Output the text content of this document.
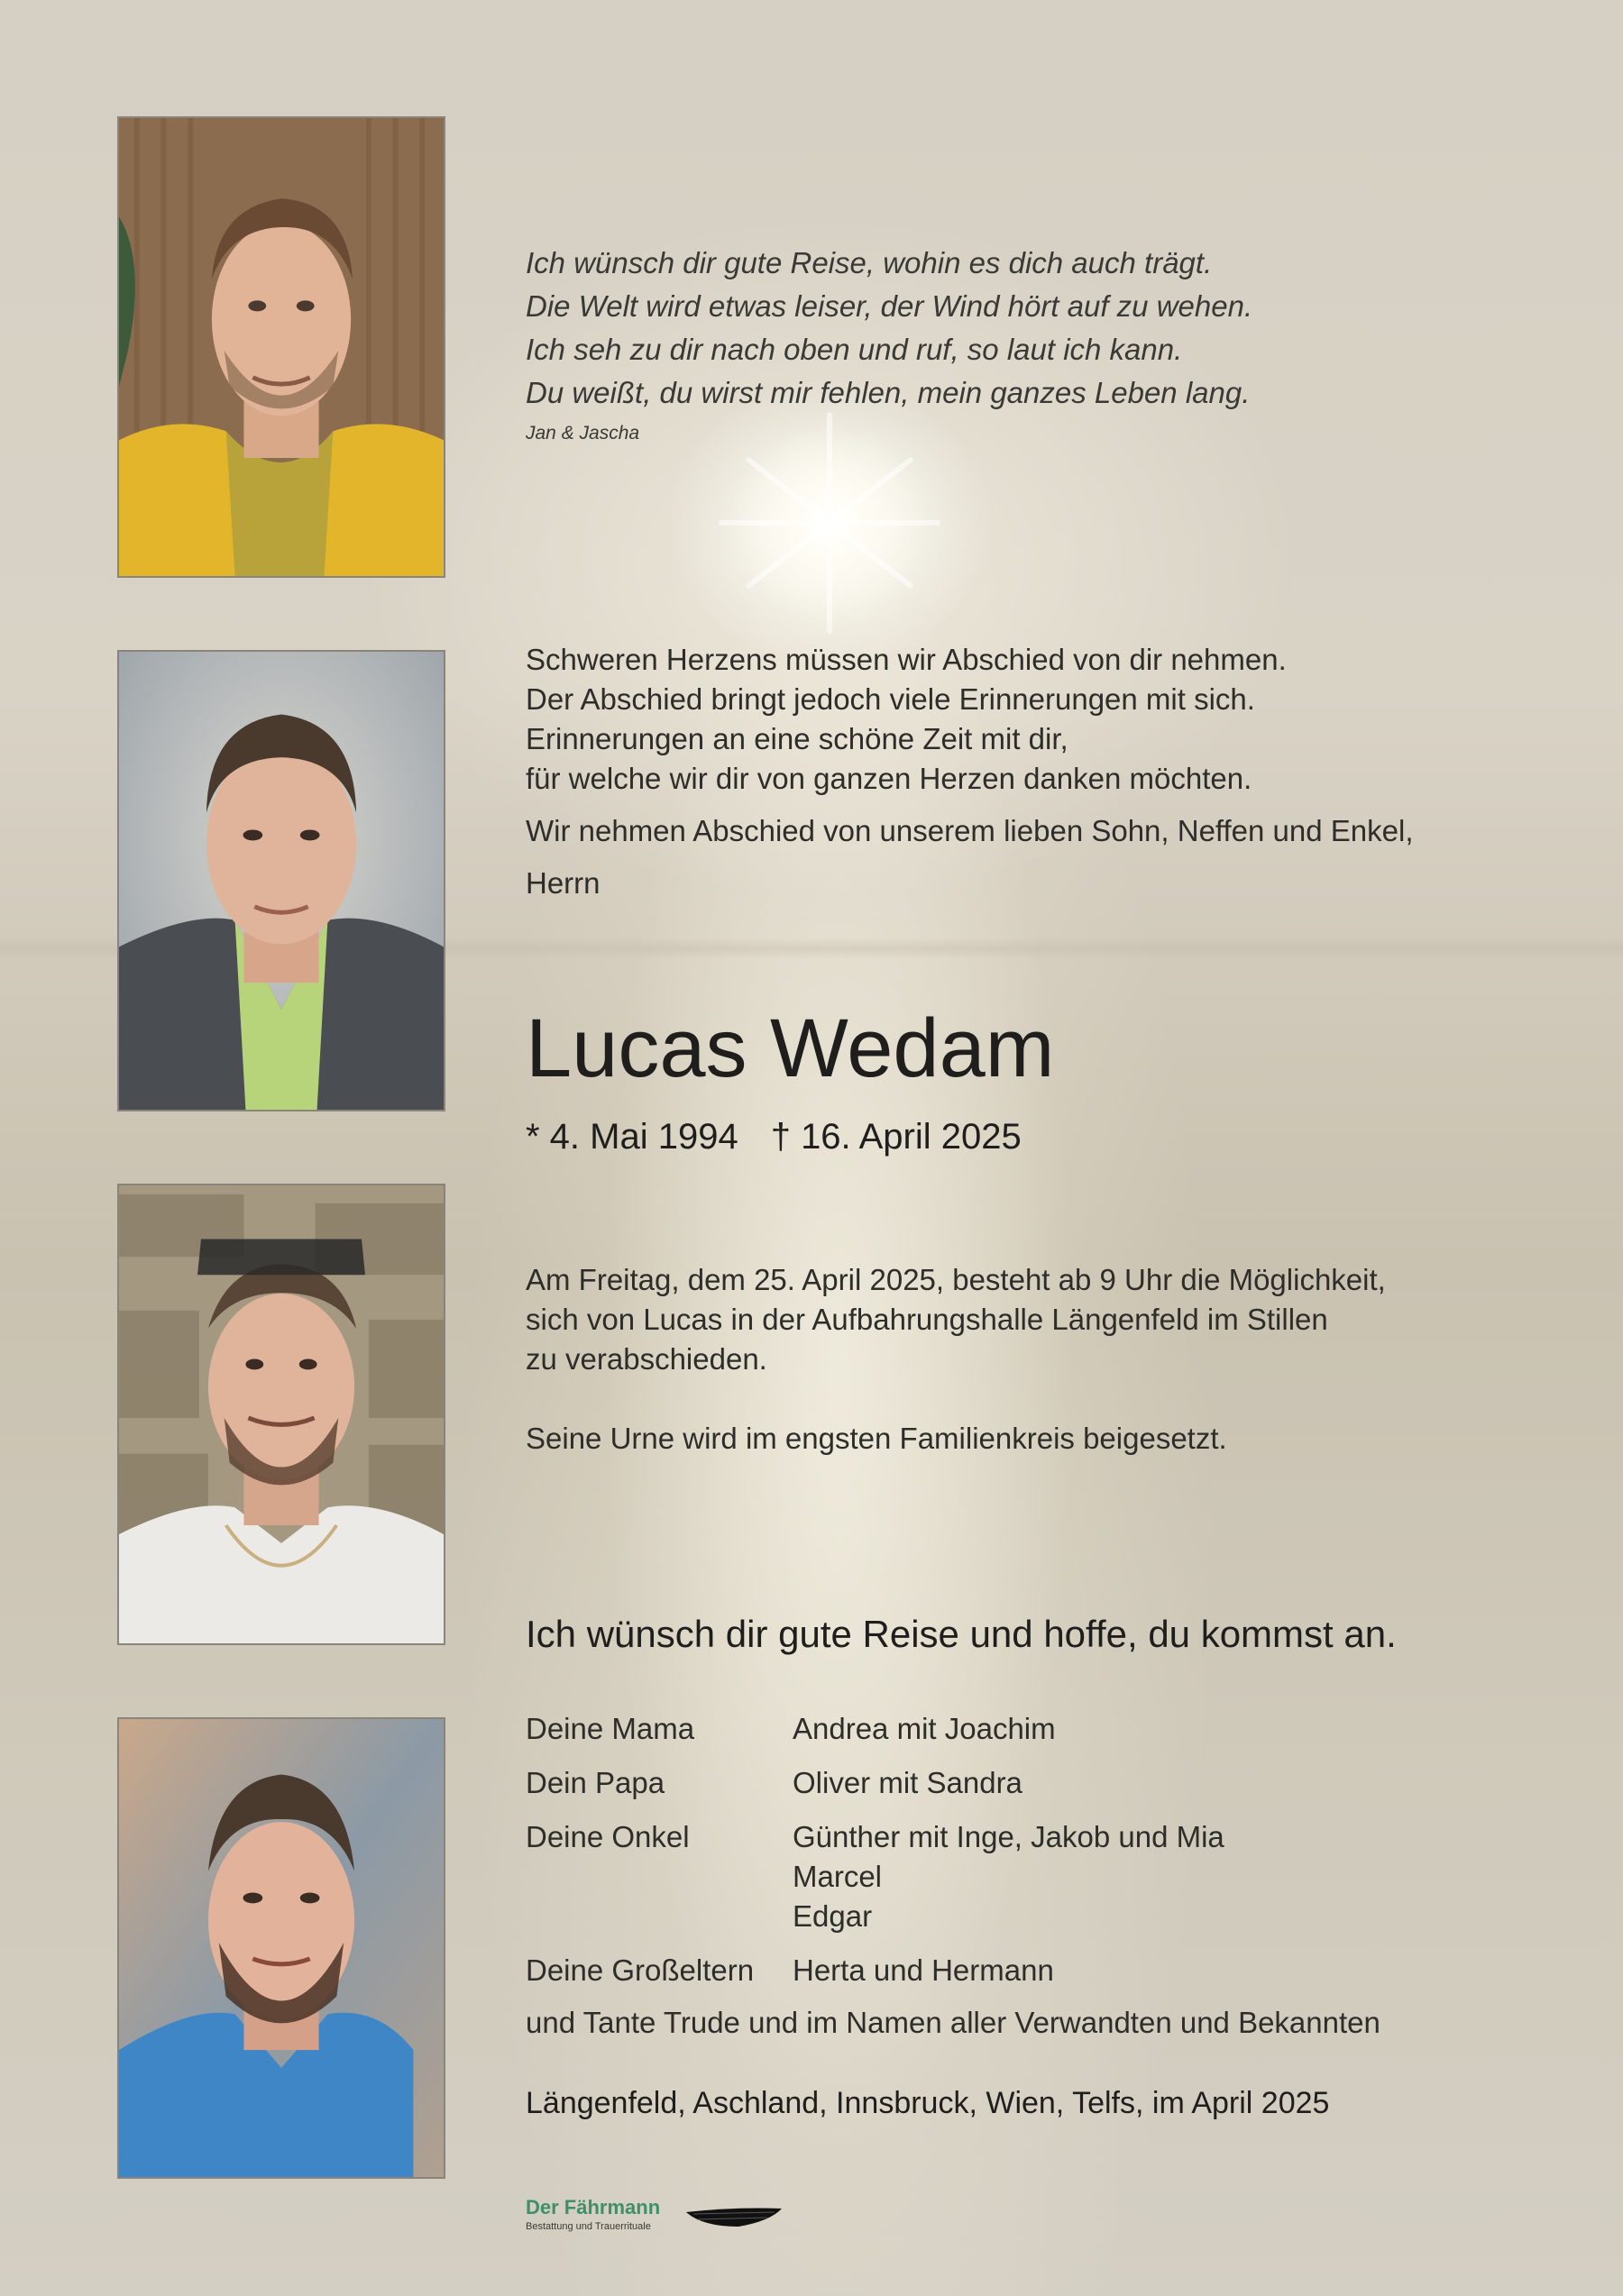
Ich wünsch dir gute Reise, wohin es dich auch trägt.
Die Welt wird etwas leiser, der Wind hört auf zu wehen.
Ich seh zu dir nach oben und ruf, so laut ich kann.
Du weißt, du wirst mir fehlen, mein ganzes Leben lang.
Jan & Jascha

Schweren Herzens müssen wir Abschied von dir nehmen.

Der Abschied bringt jedoch viele Erinnerungen mit sich.

Erinnerungen an eine schöne Zeit mit dir,

für welche wir dir von ganzen Herzen danken möchten.

Wir nehmen Abschied von unserem lieben Sohn, Neffen und Enkel,

Herrn

Lucas Wedam
* 4. Mai 1994 † 16. April 2025

Am Freitag, dem 25. April 2025, besteht ab 9 Uhr die Möglichkeit,

sich von Lucas in der Aufbahrungshalle Längenfeld im Stillen

zu verabschieden.

Seine Urne wird im engsten Familienkreis beigesetzt.

Ich wünsch dir gute Reise und hoffe, du kommst an.
Deine Mama	Andrea mit Joachim
Dein Papa	Oliver mit Sandra
Deine Onkel	Günther mit Inge, Jakob und Mia
Marcel
Edgar
Deine Großeltern	Herta und Hermann
und Tante Trude und im Namen aller Verwandten und Bekannten
Längenfeld, Aschland, Innsbruck, Wien, Telfs, im April 2025
Der Fährmann
Bestattung und Trauerrituale
